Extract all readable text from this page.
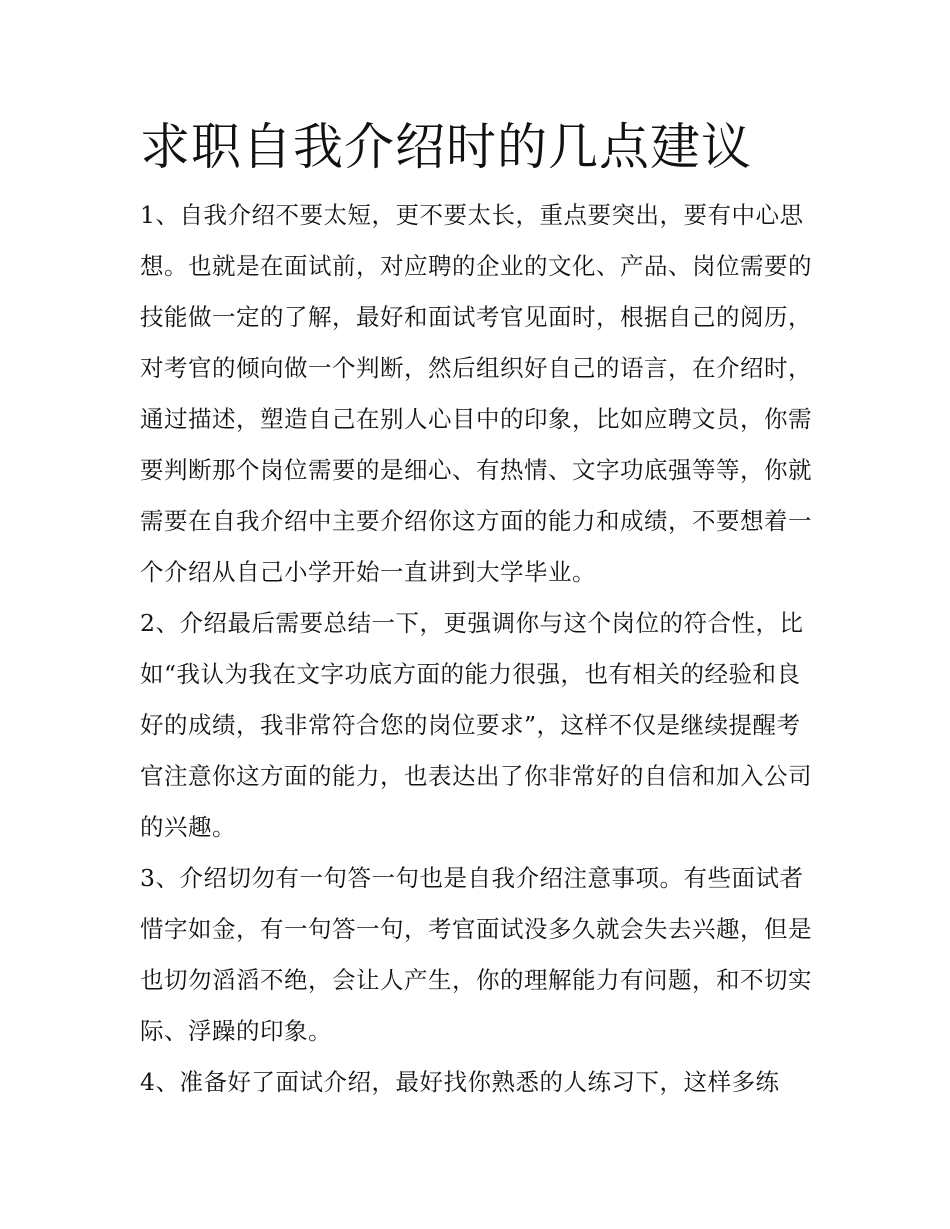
求职自我介绍时的几点建议

1、自我介绍不要太短，更不要太长，重点要突出，要有中心思想。也就是在面试前，对应聘的企业的文化、产品、岗位需要的技能做一定的了解，最好和面试考官见面时，根据自己的阅历，对考官的倾向做一个判断，然后组织好自己的语言，在介绍时，通过描述，塑造自己在别人心目中的印象，比如应聘文员，你需要判断那个岗位需要的是细心、有热情、文字功底强等等，你就需要在自我介绍中主要介绍你这方面的能力和成绩，不要想着一个介绍从自己小学开始一直讲到大学毕业。

2、介绍最后需要总结一下，更强调你与这个岗位的符合性，比如“我认为我在文字功底方面的能力很强，也有相关的经验和良好的成绩，我非常符合您的岗位要求”，这样不仅是继续提醒考官注意你这方面的能力，也表达出了你非常好的自信和加入公司的兴趣。

3、介绍切勿有一句答一句也是自我介绍注意事项。有些面试者惜字如金，有一句答一句，考官面试没多久就会失去兴趣，但是也切勿滔滔不绝，会让人产生，你的理解能力有问题，和不切实际、浮躁的印象。

4、准备好了面试介绍，最好找你熟悉的人练习下，这样多练
